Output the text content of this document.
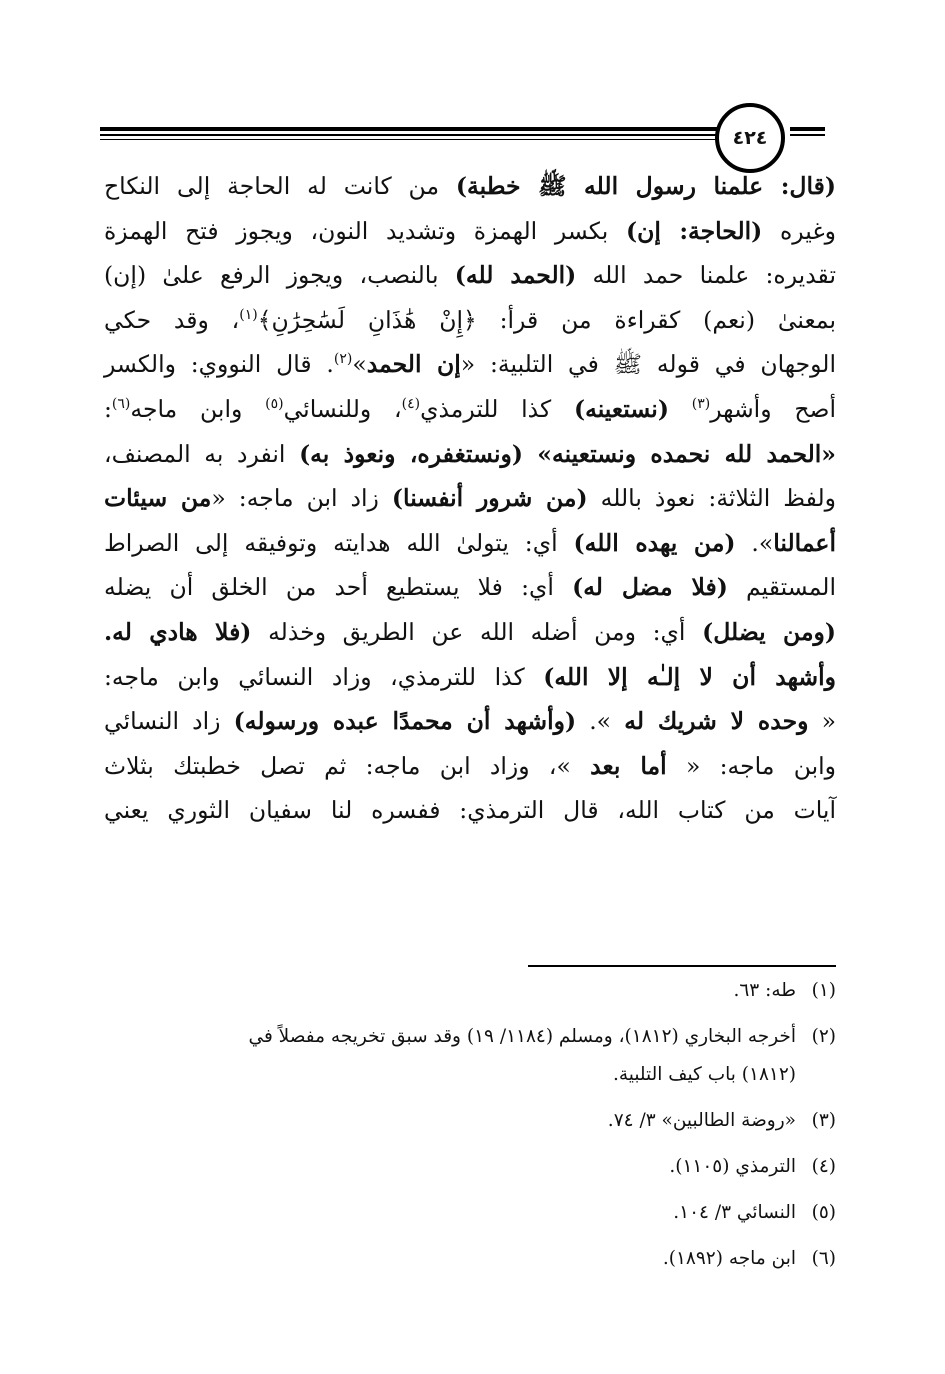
٤٢٤
(قال: علمنا رسول الله ﷺ خطبة) من كانت له الحاجة إلى النكاح
وغيره (الحاجة: إن) بكسر الهمزة وتشديد النون، ويجوز فتح الهمزة
تقديره: علمنا حمد الله (الحمد لله) بالنصب، ويجوز الرفع علىٰ (إن)
بمعنىٰ (نعم) كقراءة من قرأ: ﴿إِنْ هَٰذَانِ لَسَٰحِرَٰنِ﴾$^{(١)}$، وقد حكي
الوجهان في قوله ﷺ في التلبية: «إن الحمد»$^{(٢)}$. قال النووي: والكسر
أصح وأشهر$^{(٣)}$ (نستعينه) كذا للترمذي$^{(٤)}$، وللنسائي$^{(٥)}$ وابن ماجه$^{(٦)}$:
«الحمد لله نحمده ونستعينه» (ونستغفره، ونعوذ به) انفرد به المصنف،
ولفظ الثلاثة: نعوذ بالله (من شرور أنفسنا) زاد ابن ماجه: «من سيئات
أعمالنا». (من يهده الله) أي: يتولىٰ الله هدايته وتوفيقه إلى الصراط
المستقيم (فلا مضل له) أي: فلا يستطيع أحد من الخلق أن يضله
(ومن يضلل) أي: ومن أضله الله عن الطريق وخذله (فلا هادي له.
وأشهد أن لا إلـٰه إلا الله) كذا للترمذي، وزاد النسائي وابن ماجه:
« وحده لا شريك له ». (وأشهد أن محمدًا عبده ورسوله) زاد النسائي
وابن ماجه: « أما بعد »، وزاد ابن ماجه: ثم تصل خطبتك بثلاث
آيات من كتاب الله، قال الترمذي: ففسره لنا سفيان الثوري يعني
(١)
طه: ٦٣.
(٢)
أخرجه البخاري (١٨١٢)، ومسلم (١١٨٤/ ١٩) وقد سبق تخريجه مفصلاً في
(١٨١٢) باب كيف التلبية.
(٣)
«روضة الطالبين» ٣/ ٧٤.
(٤)
الترمذي (١١٠٥).
(٥)
النسائي ٣/ ١٠٤.
(٦)
ابن ماجه (١٨٩٢).
